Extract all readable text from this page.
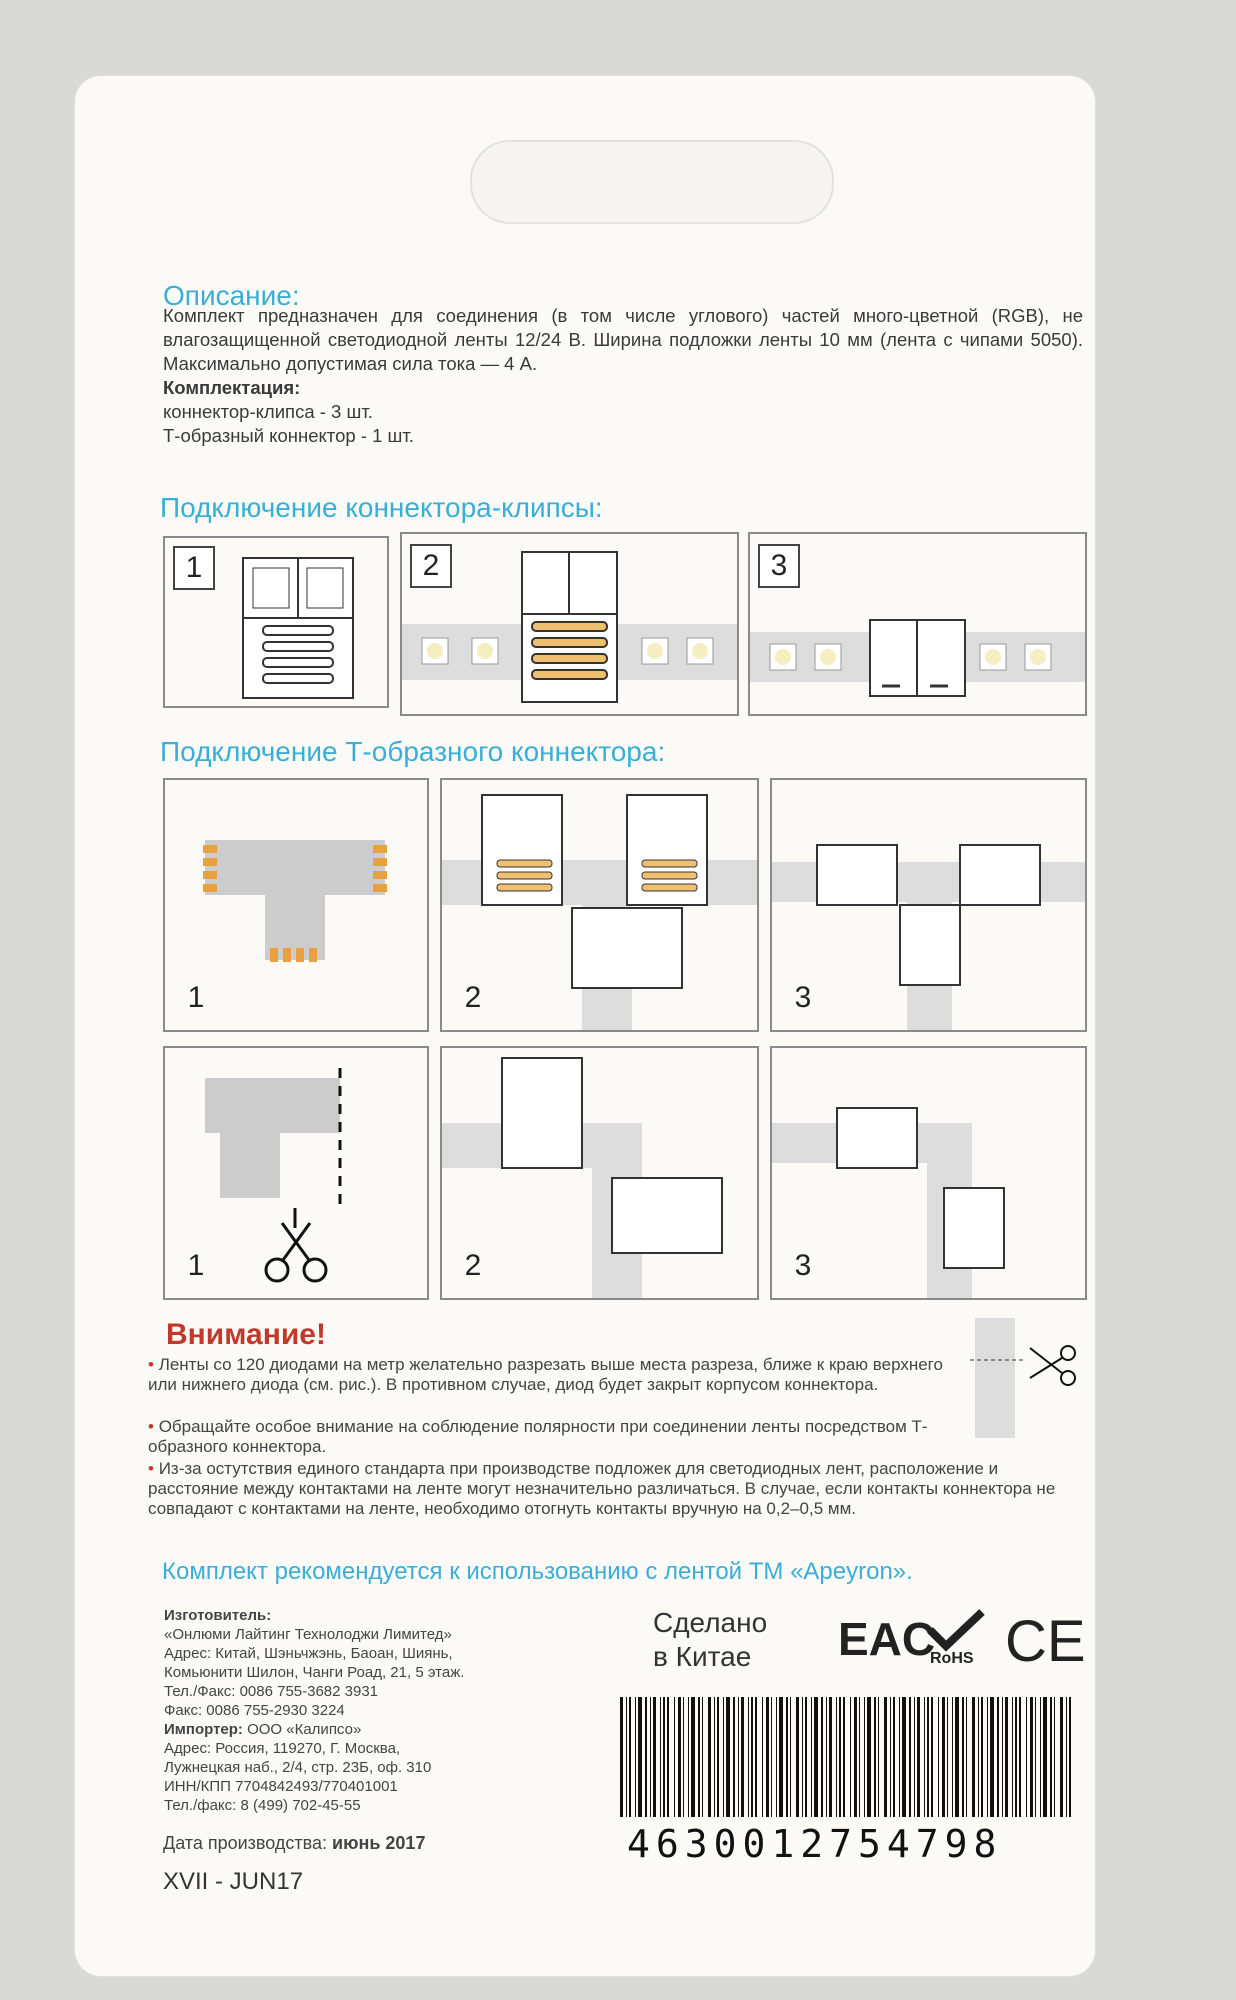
Описание:

Комплект предназначен для соединения (в том числе углового) частей много-цветной (RGB), не влагозащищенной светодиодной ленты 12/24 В. Ширина подложки ленты 10 мм (лента с чипами 5050). Максимально допустимая сила тока — 4 А.

Комплектация:

коннектор-клипса - 3 шт.

Т-образный коннектор - 1 шт.

Подключение коннектора-клипсы:
1	2	3
Подключение Т-образного коннектора:
1	2	3
1	2	3
Внимание!
• Ленты со 120 диодами на метр желательно разрезать выше места разреза, ближе к краю верхнего или нижнего диода (см. рис.). В противном случае, диод будет закрыт корпусом коннектора.
• Обращайте особое внимание на соблюдение полярности при соединении ленты посредством Т-образного коннектора.
• Из-за остутствия единого стандарта при производстве подложек для светодиодных лент, расположение и расстояние между контактами на ленте могут незначительно различаться. В случае, если контакты коннектора не совпадают с контактами на ленте, необходимо отогнуть контакты вручную на 0,2–0,5 мм.
Комплект рекомендуется к использованию с лентой ТМ «Apeyron».
Изготовитель:
«Онлюми Лайтинг Технолоджи Лимитед»
Адрес: Китай, Шэньчжэнь, Баоан, Шиянь,
Комьюнити Шилон, Чанги Роад, 21, 5 этаж.
Тел./Факс: 0086 755-3682 3931
Факс: 0086 755-2930 3224
Импортер: ООО «Калипсо»
Адрес: Россия, 119270, Г. Москва,
Лужнецкая наб., 2/4, стр. 23Б, оф. 310
ИНН/КПП 7704842493/770401001
Тел./факс: 8 (499) 702-45-55
Сделано
в Китае	EAC
RoHS CE
4630012754798
Дата производства: июнь 2017
XVII - JUN17
